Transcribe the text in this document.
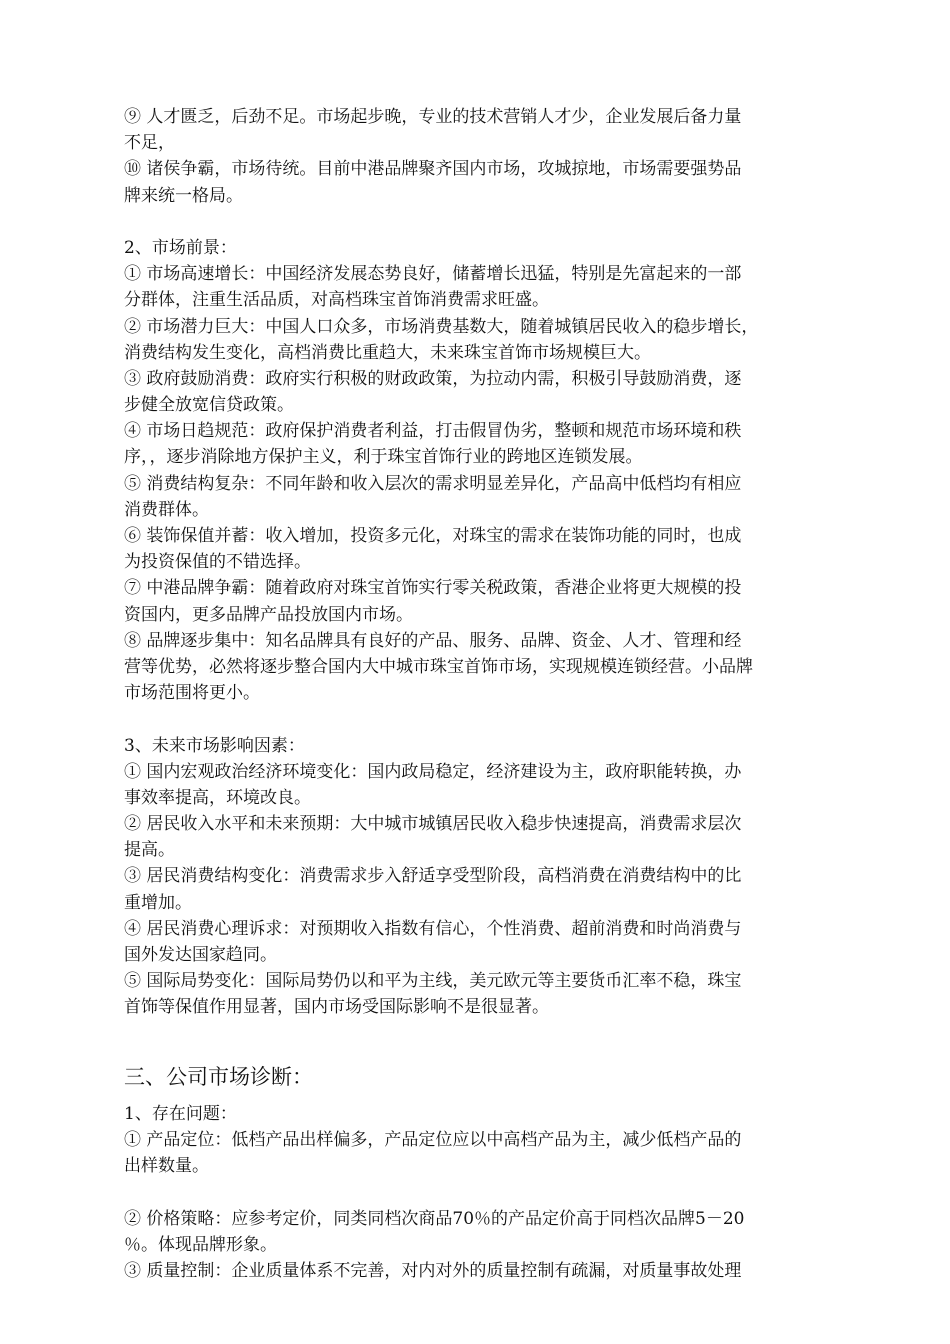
⑨ 人才匮乏，后劲不足。市场起步晚，专业的技术营销人才少，企业发展后备力量
不足，
⑩ 诸侯争霸，市场待统。目前中港品牌聚齐国内市场，攻城掠地，市场需要强势品
牌来统一格局。
2、市场前景：
① 市场高速增长：中国经济发展态势良好，储蓄增长迅猛，特别是先富起来的一部
分群体，注重生活品质，对高档珠宝首饰消费需求旺盛。
② 市场潜力巨大：中国人口众多，市场消费基数大，随着城镇居民收入的稳步增长，
消费结构发生变化，高档消费比重趋大，未来珠宝首饰市场规模巨大。
③ 政府鼓励消费：政府实行积极的财政政策，为拉动内需，积极引导鼓励消费，逐
步健全放宽信贷政策。
④ 市场日趋规范：政府保护消费者利益，打击假冒伪劣，整顿和规范市场环境和秩
序，，逐步消除地方保护主义，利于珠宝首饰行业的跨地区连锁发展。
⑤ 消费结构复杂：不同年龄和收入层次的需求明显差异化，产品高中低档均有相应
消费群体。
⑥ 装饰保值并蓄：收入增加，投资多元化，对珠宝的需求在装饰功能的同时，也成
为投资保值的不错选择。
⑦ 中港品牌争霸：随着政府对珠宝首饰实行零关税政策，香港企业将更大规模的投
资国内，更多品牌产品投放国内市场。
⑧ 品牌逐步集中：知名品牌具有良好的产品、服务、品牌、资金、人才、管理和经
营等优势，必然将逐步整合国内大中城市珠宝首饰市场，实现规模连锁经营。小品牌
市场范围将更小。
3、未来市场影响因素：
① 国内宏观政治经济环境变化：国内政局稳定，经济建设为主，政府职能转换，办
事效率提高，环境改良。
② 居民收入水平和未来预期：大中城市城镇居民收入稳步快速提高，消费需求层次
提高。
③ 居民消费结构变化：消费需求步入舒适享受型阶段，高档消费在消费结构中的比
重增加。
④ 居民消费心理诉求：对预期收入指数有信心，个性消费、超前消费和时尚消费与
国外发达国家趋同。
⑤ 国际局势变化：国际局势仍以和平为主线，美元欧元等主要货币汇率不稳，珠宝
首饰等保值作用显著，国内市场受国际影响不是很显著。
三、公司市场诊断：
1、存在问题：
① 产品定位：低档产品出样偏多，产品定位应以中高档产品为主，减少低档产品的
出样数量。
② 价格策略：应参考定价，同类同档次商品70％的产品定价高于同档次品牌5－20
％。体现品牌形象。
③ 质量控制：企业质量体系不完善，对内对外的质量控制有疏漏，对质量事故处理
